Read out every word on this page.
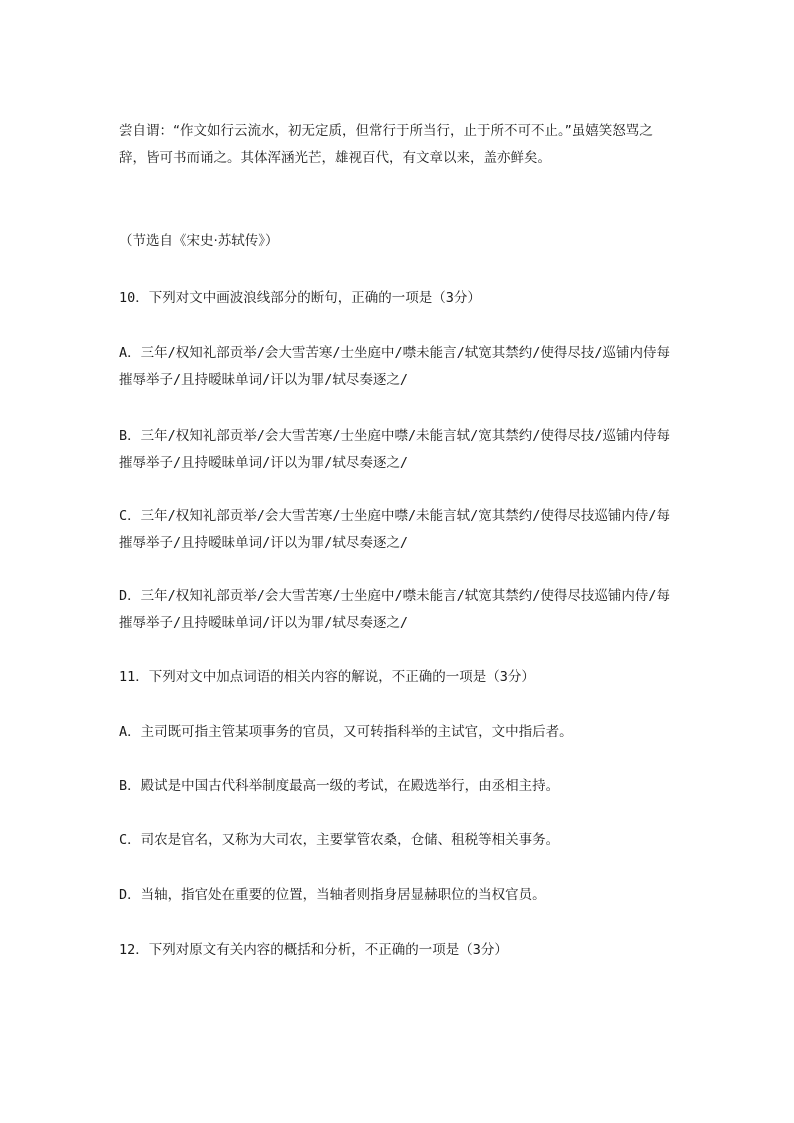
尝自谓：“作文如行云流水，初无定质，但常行于所当行，止于所不可不止。”虽嬉笑怒骂之辞，皆可书而诵之。其体浑涵光芒，雄视百代，有文章以来，盖亦鲜矣。

（节选自《宋史·苏轼传》）

10．下列对文中画波浪线部分的断句，正确的一项是（3分）

A．三年/权知礼部贡举/会大雪苦寒/士坐庭中/噤未能言/轼宽其禁约/使得尽技/巡铺内侍每摧辱举子/且持暧昧单词/讦以为罪/轼尽奏逐之/

B．三年/权知礼部贡举/会大雪苦寒/士坐庭中噤/未能言轼/宽其禁约/使得尽技/巡铺内侍每摧辱举子/且持暧昧单词/讦以为罪/轼尽奏逐之/

C．三年/权知礼部贡举/会大雪苦寒/士坐庭中噤/未能言轼/宽其禁约/使得尽技巡铺内侍/每摧辱举子/且持暧昧单词/讦以为罪/轼尽奏逐之/

D．三年/权知礼部贡举/会大雪苦寒/士坐庭中/噤未能言/轼宽其禁约/使得尽技巡铺内侍/每摧辱举子/且持暧昧单词/讦以为罪/轼尽奏逐之/

11．下列对文中加点词语的相关内容的解说，不正确的一项是（3分）

A．主司既可指主管某项事务的官员，又可转指科举的主试官，文中指后者。

B．殿试是中国古代科举制度最高一级的考试，在殿选举行，由丞相主持。

C．司农是官名，又称为大司农，主要掌管农桑，仓储、租税等相关事务。

D．当轴，指官处在重要的位置，当轴者则指身居显赫职位的当权官员。

12．下列对原文有关内容的概括和分析，不正确的一项是（3分）
